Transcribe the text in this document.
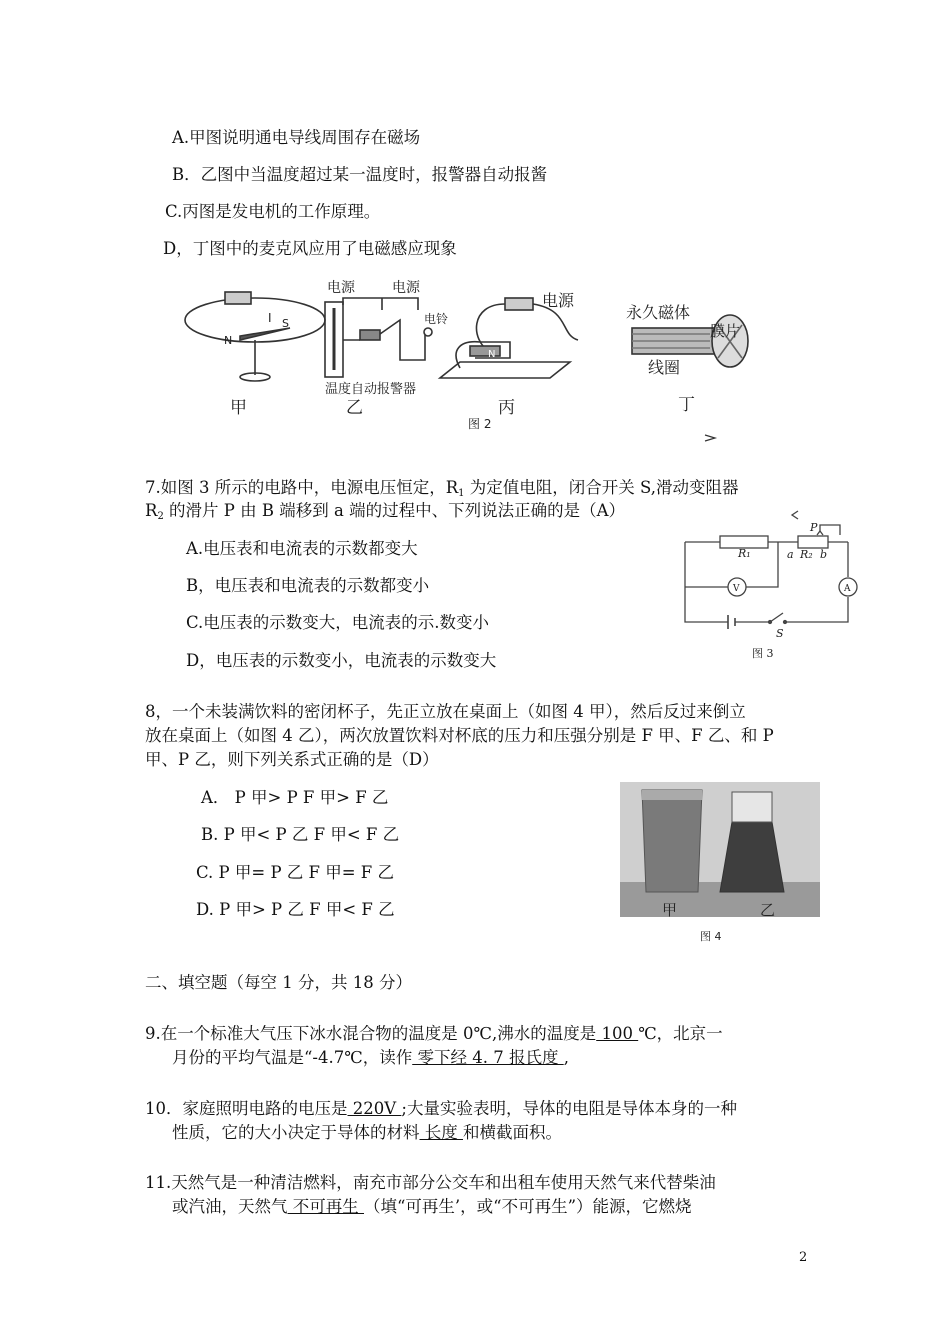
A.甲图说明通电导线周围存在磁场
B．乙图中当温度超过某一温度时，报警器自动报酱
C.丙图是发电机的工作原理。
D，丁图中的麦克风应用了电磁感应现象
I
N
S
电源	电源
电铃
温度自动报警器
N
电源
永久磁体
膜片
线圈
甲	乙	丙	丁
图 2
7.如图 3 所示的电路中，电源电压恒定，R1 为定值电阻，闭合开关 S,滑动变阻器
R2 的滑片 P 由 B 端移到 a 端的过程中、下列说法正确的是（A）
A.电压表和电流表的示数都变大
B，电压表和电流表的示数都变小
C.电压表的示数变大，电流表的示.数变小
D，电压表的示数变小，电流表的示数变大
P
R₁	a R₂ b
V	A
S
图 3
8，一个未装满饮料的密闭杯子，先正立放在桌面上（如图 4 甲），然后反过来倒立
放在桌面上（如图 4 乙），两次放置饮料对杯底的压力和压强分别是 F 甲、F 乙、和 P
甲、P 乙，则下列关系式正确的是（D）
A． P 甲> P F 甲> F 乙
B. P 甲< P 乙 F 甲< F 乙
C. P 甲= P 乙 F 甲= F 乙
D. P 甲> P 乙 F 甲< F 乙	甲	乙
图 4
二、填空题（每空 1 分，共 18 分）
9.在一个标准大气压下冰水混合物的温度是 0℃,沸水的温度是 100 ℃，北京一
月份的平均气温是“-4.7℃，读作 零下经 4. 7 报氏度 ,
10．家庭照明电路的电压是 220V ;大量实验表明，导体的电阻是导体本身的一种
性质，它的大小决定于导体的材料 长度 和横截面积。
11.天然气是一种清洁燃料，南充市部分公交车和出租车使用天然气来代替柴油
或汽油，天然气 不可再生 （填“可再生’，或“不可再生”）能源，它燃烧
2
